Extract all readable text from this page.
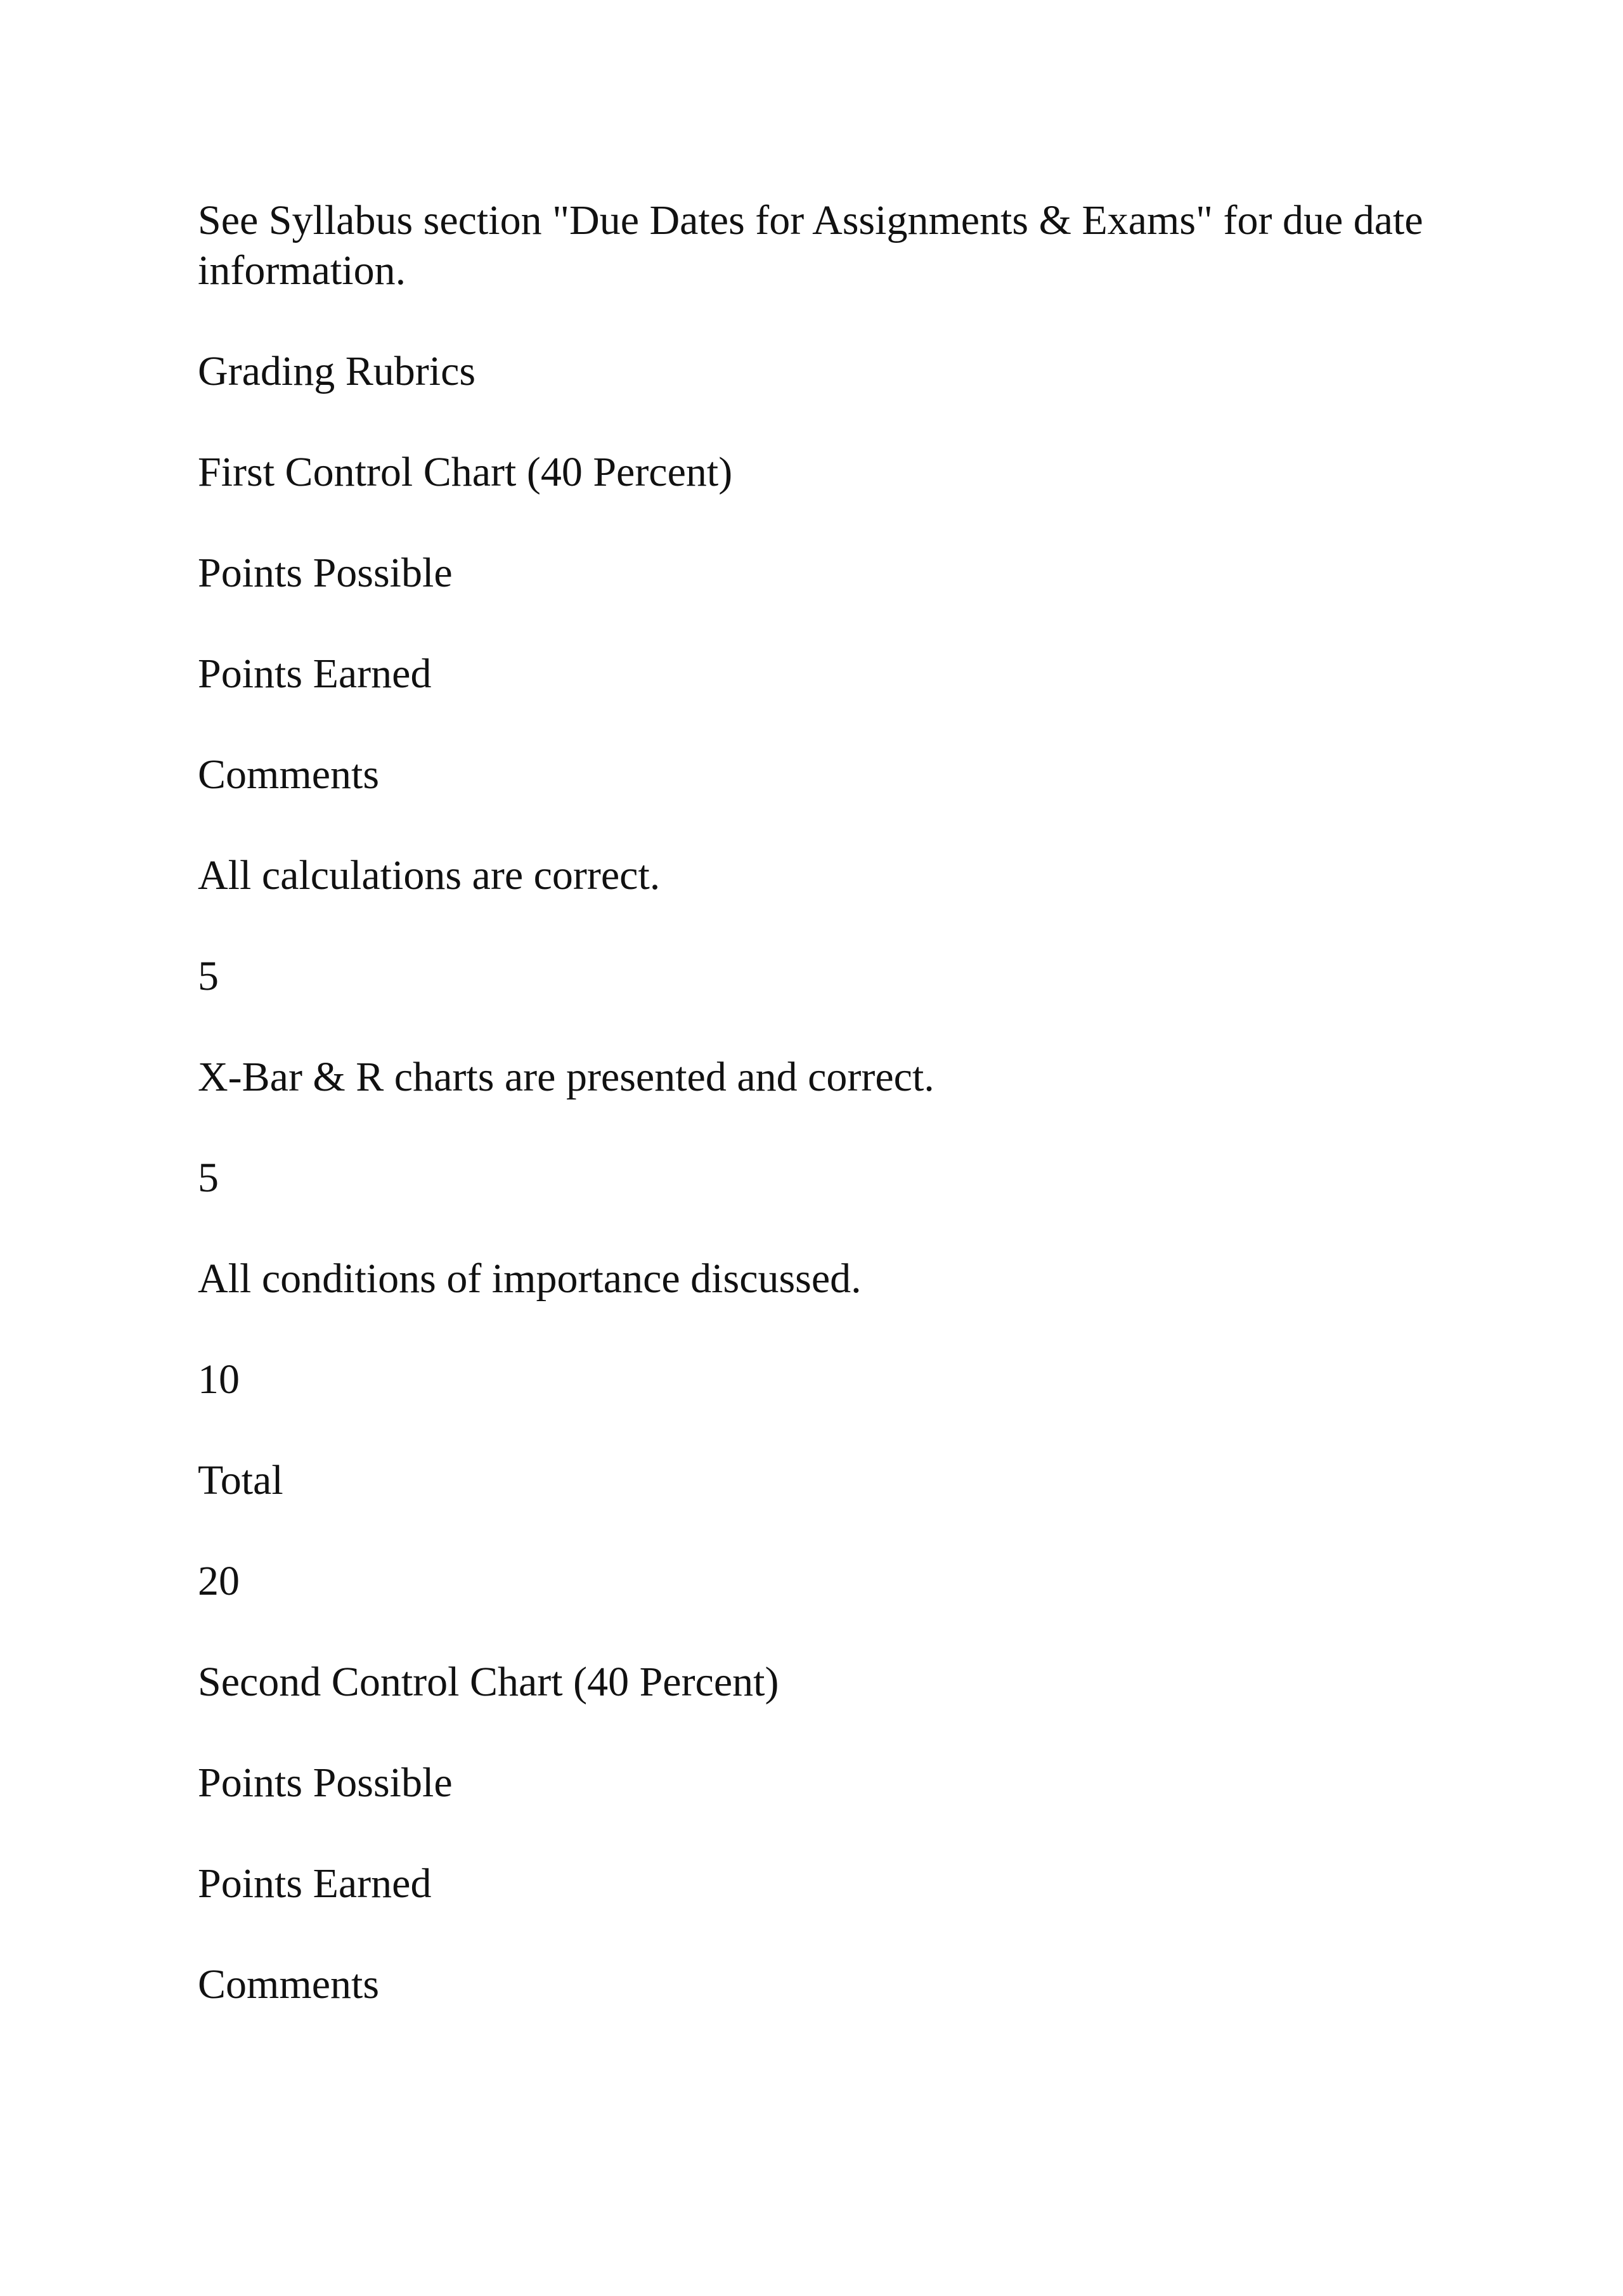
See Syllabus section "Due Dates for Assignments & Exams" for due date information.

Grading Rubrics

First Control Chart (40 Percent)

Points Possible

Points Earned

Comments

All calculations are correct.

5

X-Bar & R charts are presented and correct.

5

All conditions of importance discussed.

10

Total

20

Second Control Chart (40 Percent)

Points Possible

Points Earned

Comments
